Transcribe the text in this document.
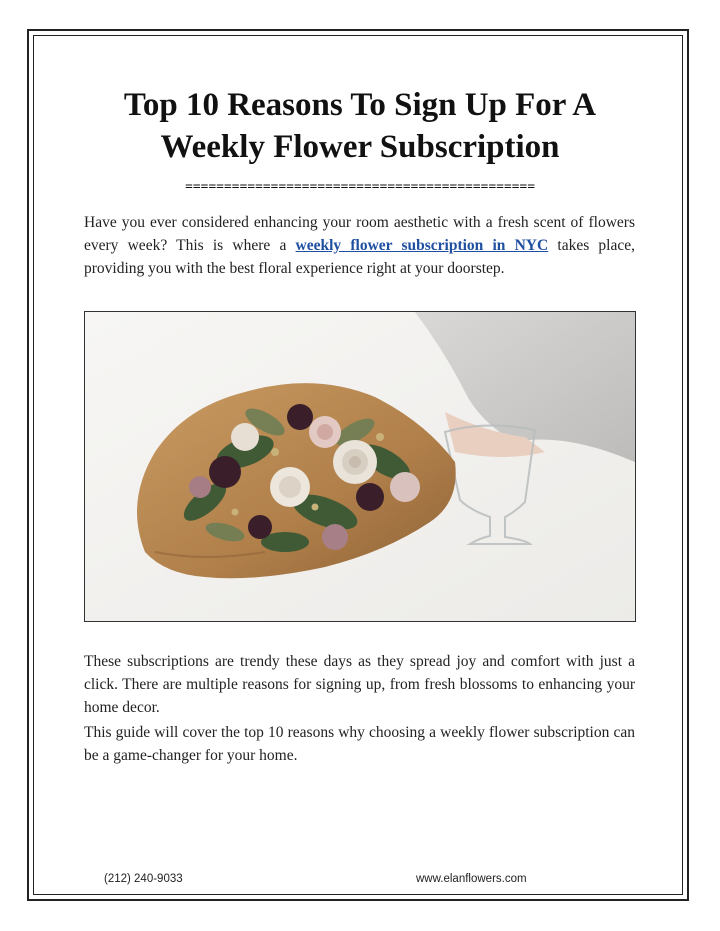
Top 10 Reasons To Sign Up For A
Weekly Flower Subscription
=============================================

Have you ever considered enhancing your room aesthetic with a fresh scent of flowers every week? This is where a weekly flower subscription in NYC takes place, providing you with the best floral experience right at your doorstep.

These subscriptions are trendy these days as they spread joy and comfort with just a click. There are multiple reasons for signing up, from fresh blossoms to enhancing your home decor.

This guide will cover the top 10 reasons why choosing a weekly flower subscription can be a game-changer for your home.

(212) 240-9033	www.elanflowers.com
